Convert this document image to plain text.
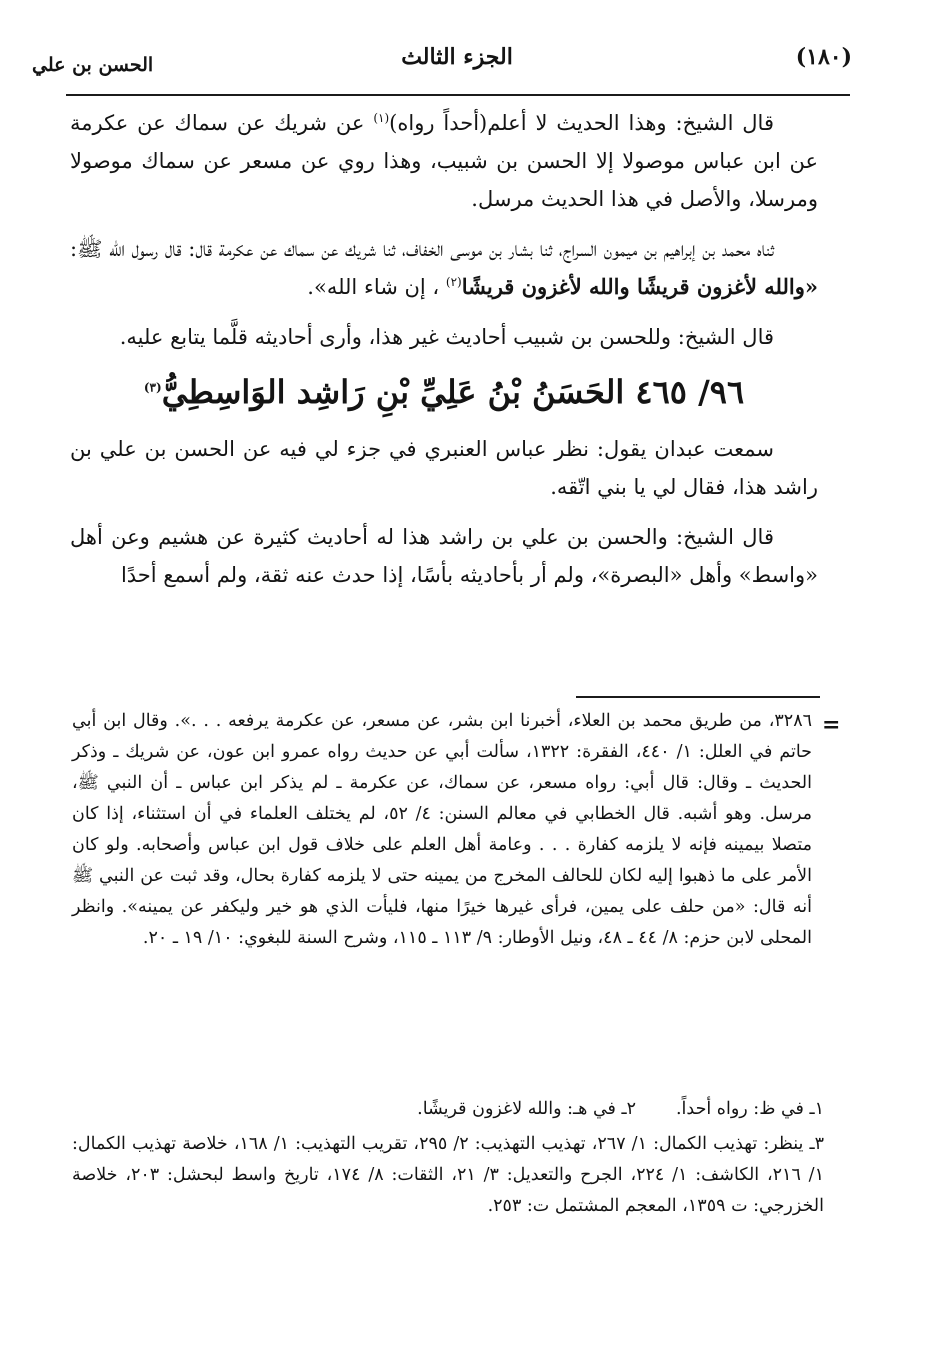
الجزء الثالث	(١٨٠)
الحسن بن علي

قال الشيخ: وهذا الحديث لا أعلم(أحداً رواه)$^{(١)}$ عن شريك عن سماك عن عكرمة عن ابن عباس موصولا إلا الحسن بن شبيب، وهذا روي عن مسعر عن سماك موصولا ومرسلا، والأصل في هذا الحديث مرسل.

ثناه محمد بن إبراهيم بن ميمون السراج، ثنا بشار بن موسى الخفاف، ثنا شريك عن سماك عن عكرمة قال: قال رسول الله ﷺ: «والله لأغزون قريشًا والله لأغزون قريشًا$^{(٢)}$ ، إن شاء الله».

قال الشيخ: وللحسن بن شبيب أحاديث غير هذا، وأرى أحاديثه قلَّما يتابع عليه.

٩٦/ ٤٦٥ الحَسَنُ بْنُ عَلِيِّ بْنِ رَاشِد الوَاسِطِيُّ$^{(٣)}$

سمعت عبدان يقول: نظر عباس العنبري في جزء لي فيه عن الحسن بن علي بن راشد هذا، فقال لي يا بني اتّقه.

قال الشيخ: والحسن بن علي بن راشد هذا له أحاديث كثيرة عن هشيم وعن أهل «واسط» وأهل «البصرة»، ولم أر بأحاديثه بأسًا، إذا حدث عنه ثقة، ولم أسمع أحدًا

=

٣٢٨٦، من طريق محمد بن العلاء، أخبرنا ابن بشر، عن مسعر، عن عكرمة يرفعه . . .». وقال ابن أبي حاتم في العلل: ١/ ٤٤٠، الفقرة: ١٣٢٢، سألت أبي عن حديث رواه عمرو ابن عون، عن شريك ـ وذكر الحديث ـ وقال: قال أبي: رواه مسعر، عن سماك، عن عكرمة ـ لم يذكر ابن عباس ـ أن النبي ﷺ، مرسل. وهو أشبه. قال الخطابي في معالم السنن: ٤/ ٥٢، لم يختلف العلماء في أن استثناء، إذا كان متصلا بيمينه فإنه لا يلزمه كفارة . . . وعامة أهل العلم على خلاف قول ابن عباس وأصحابه. ولو كان الأمر على ما ذهبوا إليه لكان للحالف المخرج من يمينه حتى لا يلزمه كفارة بحال، وقد ثبت عن النبي ﷺ أنه قال: «من حلف على يمين، فرأى غيرها خيرًا منها، فليأت الذي هو خير وليكفر عن يمينه». وانظر المحلى لابن حزم: ٨/ ٤٤ ـ ٤٨، ونيل الأوطار: ٩/ ١١٣ ـ ١١٥، وشرح السنة للبغوي: ١٠/ ١٩ ـ ٢٠.

١ـ في ظ: رواه أحداً.
٢ـ في هـ: والله لاغزون قريشًا.

٣ـ ينظر: تهذيب الكمال: ١/ ٢٦٧، تهذيب التهذيب: ٢/ ٢٩٥، تقريب التهذيب: ١/ ١٦٨، خلاصة تهذيب الكمال: ١/ ٢١٦، الكاشف: ١/ ٢٢٤، الجرح والتعديل: ٣/ ٢١، الثقات: ٨/ ١٧٤، تاريخ واسط لبحشل: ٢٠٣، خلاصة الخزرجي: ت ١٣٥٩، المعجم المشتمل ت: ٢٥٣.
